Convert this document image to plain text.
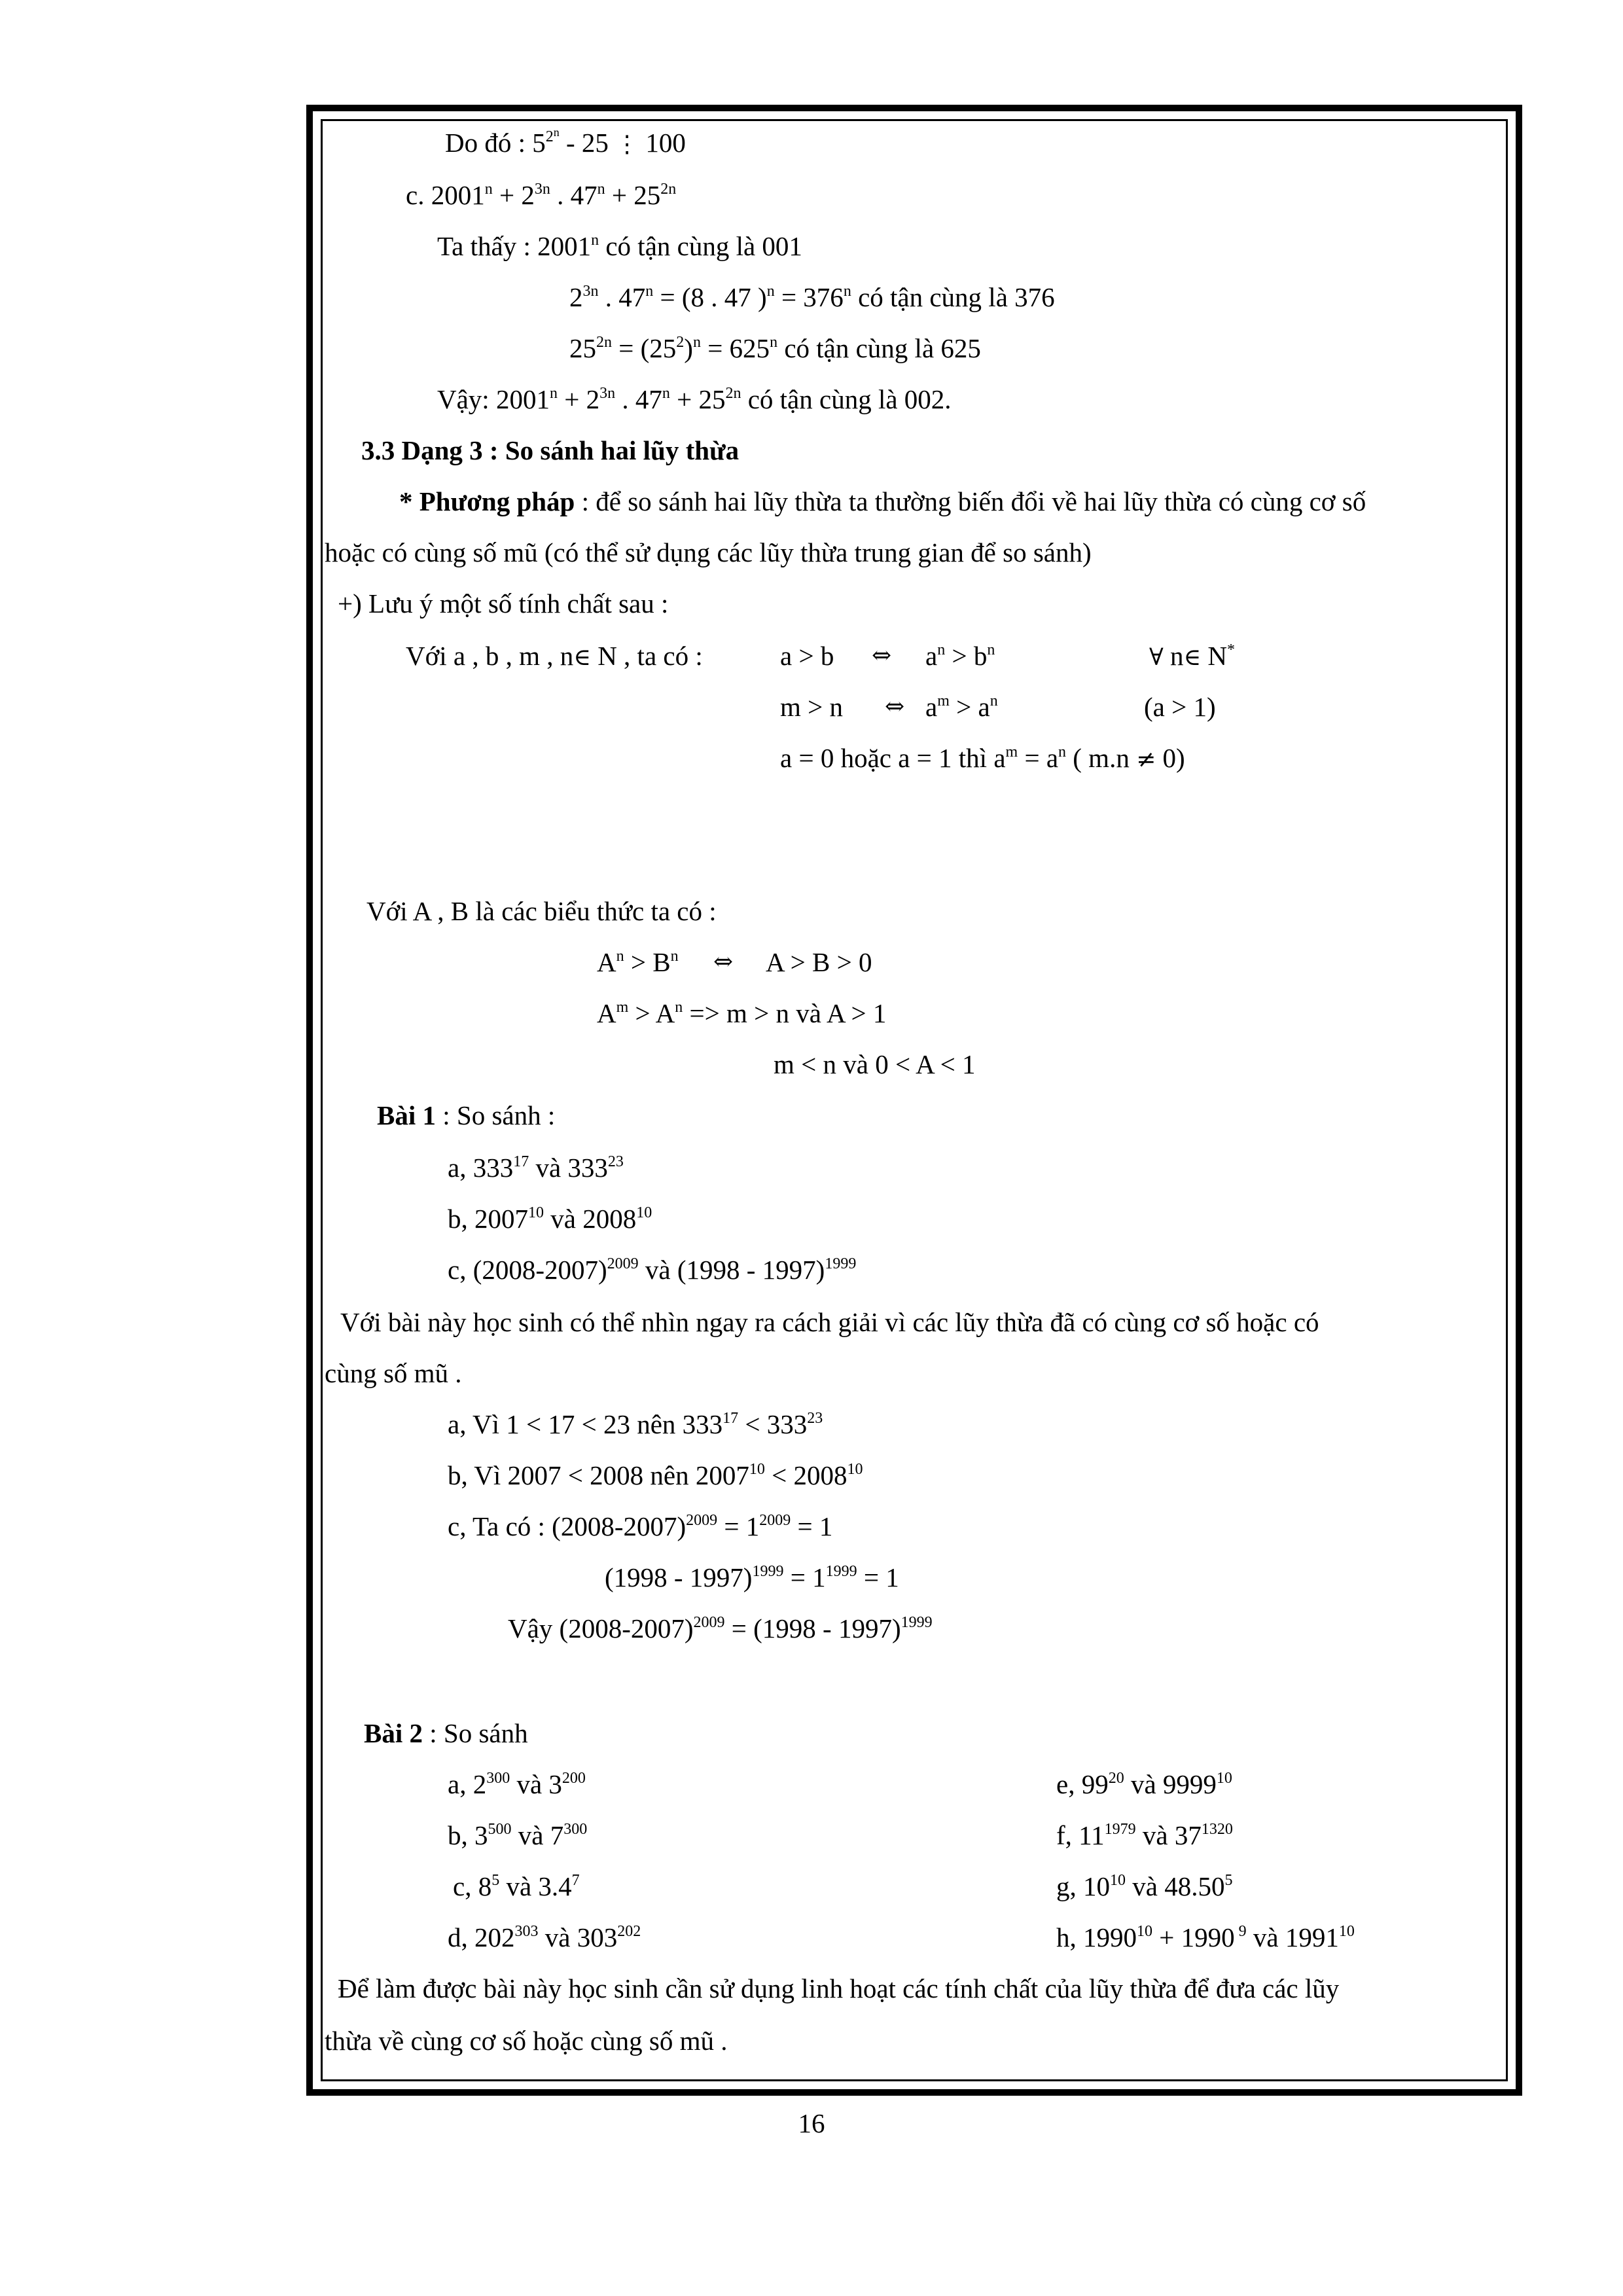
Do đó : $5^{2^n} - 25$ ⋮ 100
c. $2001^n + 2^{3n}$ . $47^n + 25^{2n}$
Ta thấy : 2001$^n$ có tận cùng là 001
$2^{3n}$ . $47^n = (8$ . 47 )$^n = 376^n$ có tận cùng là 376
$25^{2n} = (25^2)^n = 625^n$ có tận cùng là 625
Vậy: $2001^n + 2^{3n}$ . $47^n + 25^{2n}$ có tận cùng là 002.
3.3 Dạng 3 : So sánh hai lũy thừa
* Phương pháp : để so sánh hai lũy thừa ta thường biến đổi về hai lũy thừa có cùng cơ số
hoặc có cùng số mũ (có thể sử dụng các lũy thừa trung gian để so sánh)
+) Lưu ý một số tính chất sau :
Với a , b , m , n∈ N , ta có :	a > b ⇔ $a^n > b^n$	∀ n∈ N*
m > n ⇔ $a^m > a^n$	(a > 1)
a = 0 hoặc a = 1 thì $a^m = a^n$ ( m.n ≠ 0)
Với A , B là các biểu thức ta có :
$A^n > B^n$ ⇔ A > B > 0
$A^m > A^n => m > n$ và A > 1
m < n và 0 < A < 1
Bài 1 : So sánh :
a, $333^{17}$ và $333^{23}$
b, 2007$^{10}$ và 2008$^{10}$
c, (2008-2007)$^{2009}$ và (1998 - 1997)$^{1999}$
Với bài này học sinh có thể nhìn ngay ra cách giải vì các lũy thừa đã có cùng cơ số hoặc có
cùng số mũ .
a, Vì 1 < 17 < 23 nên $333^{17} < 333^{23}$
b, Vì 2007 < 2008 nên $2007^{10} < 2008^{10}$
c, Ta có : $(2008-2007)^{2009} = 1^{2009} = 1$
$(1998 - 1997)^{1999} = 1^{1999} = 1$
Vậy (2008-2007)$^{2009}$ = (1998 - 1997)$^{1999}$
Bài 2 : So sánh
a, $2^{300}$ và $3^{200}$	e, $99^{20}$ và 9999$^{10}$
b, $3^{500}$ và $7^{300}$	f, $11^{1979}$ và $37^{1320}$
c, $8^5$ và $3.4^7$	g, $10^{10}$ và 48.50$^5$
d, $202^{303}$ và $303^{202}$	h, $1990^{10} + 1990$ $^9$ và 1991$^{10}$
Để làm được bài này học sinh cần sử dụng linh hoạt các tính chất của lũy thừa để đưa các lũy
thừa về cùng cơ số hoặc cùng số mũ .
16
